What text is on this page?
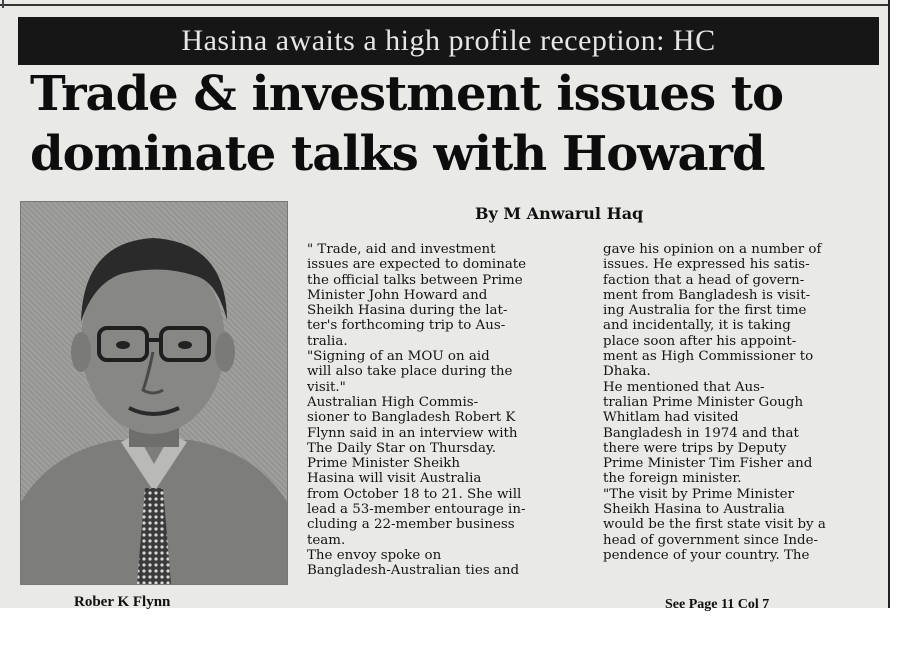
Hasina awaits a high profile reception: HC
Trade & investment issues to
dominate talks with Howard
Rober K Flynn
By M Anwarul Haq
" Trade, aid and investment
issues are expected to dominate
the official talks between Prime
Minister John Howard and
Sheikh Hasina during the lat-
ter's forthcoming trip to Aus-
tralia.
"Signing of an MOU on aid
will also take place during the
visit."
Australian High Commis-
sioner to Bangladesh Robert K
Flynn said in an interview with
The Daily Star on Thursday.
Prime Minister Sheikh
Hasina will visit Australia
from October 18 to 21. She will
lead a 53-member entourage in-
cluding a 22-member business
team.
The envoy spoke on
Bangladesh-Australian ties and
gave his opinion on a number of
issues. He expressed his satis-
faction that a head of govern-
ment from Bangladesh is visit-
ing Australia for the first time
and incidentally, it is taking
place soon after his appoint-
ment as High Commissioner to
Dhaka.
He mentioned that Aus-
tralian Prime Minister Gough
Whitlam had visited
Bangladesh in 1974 and that
there were trips by Deputy
Prime Minister Tim Fisher and
the foreign minister.
"The visit by Prime Minister
Sheikh Hasina to Australia
would be the first state visit by a
head of government since Inde-
pendence of your country. The
See Page 11 Col 7
